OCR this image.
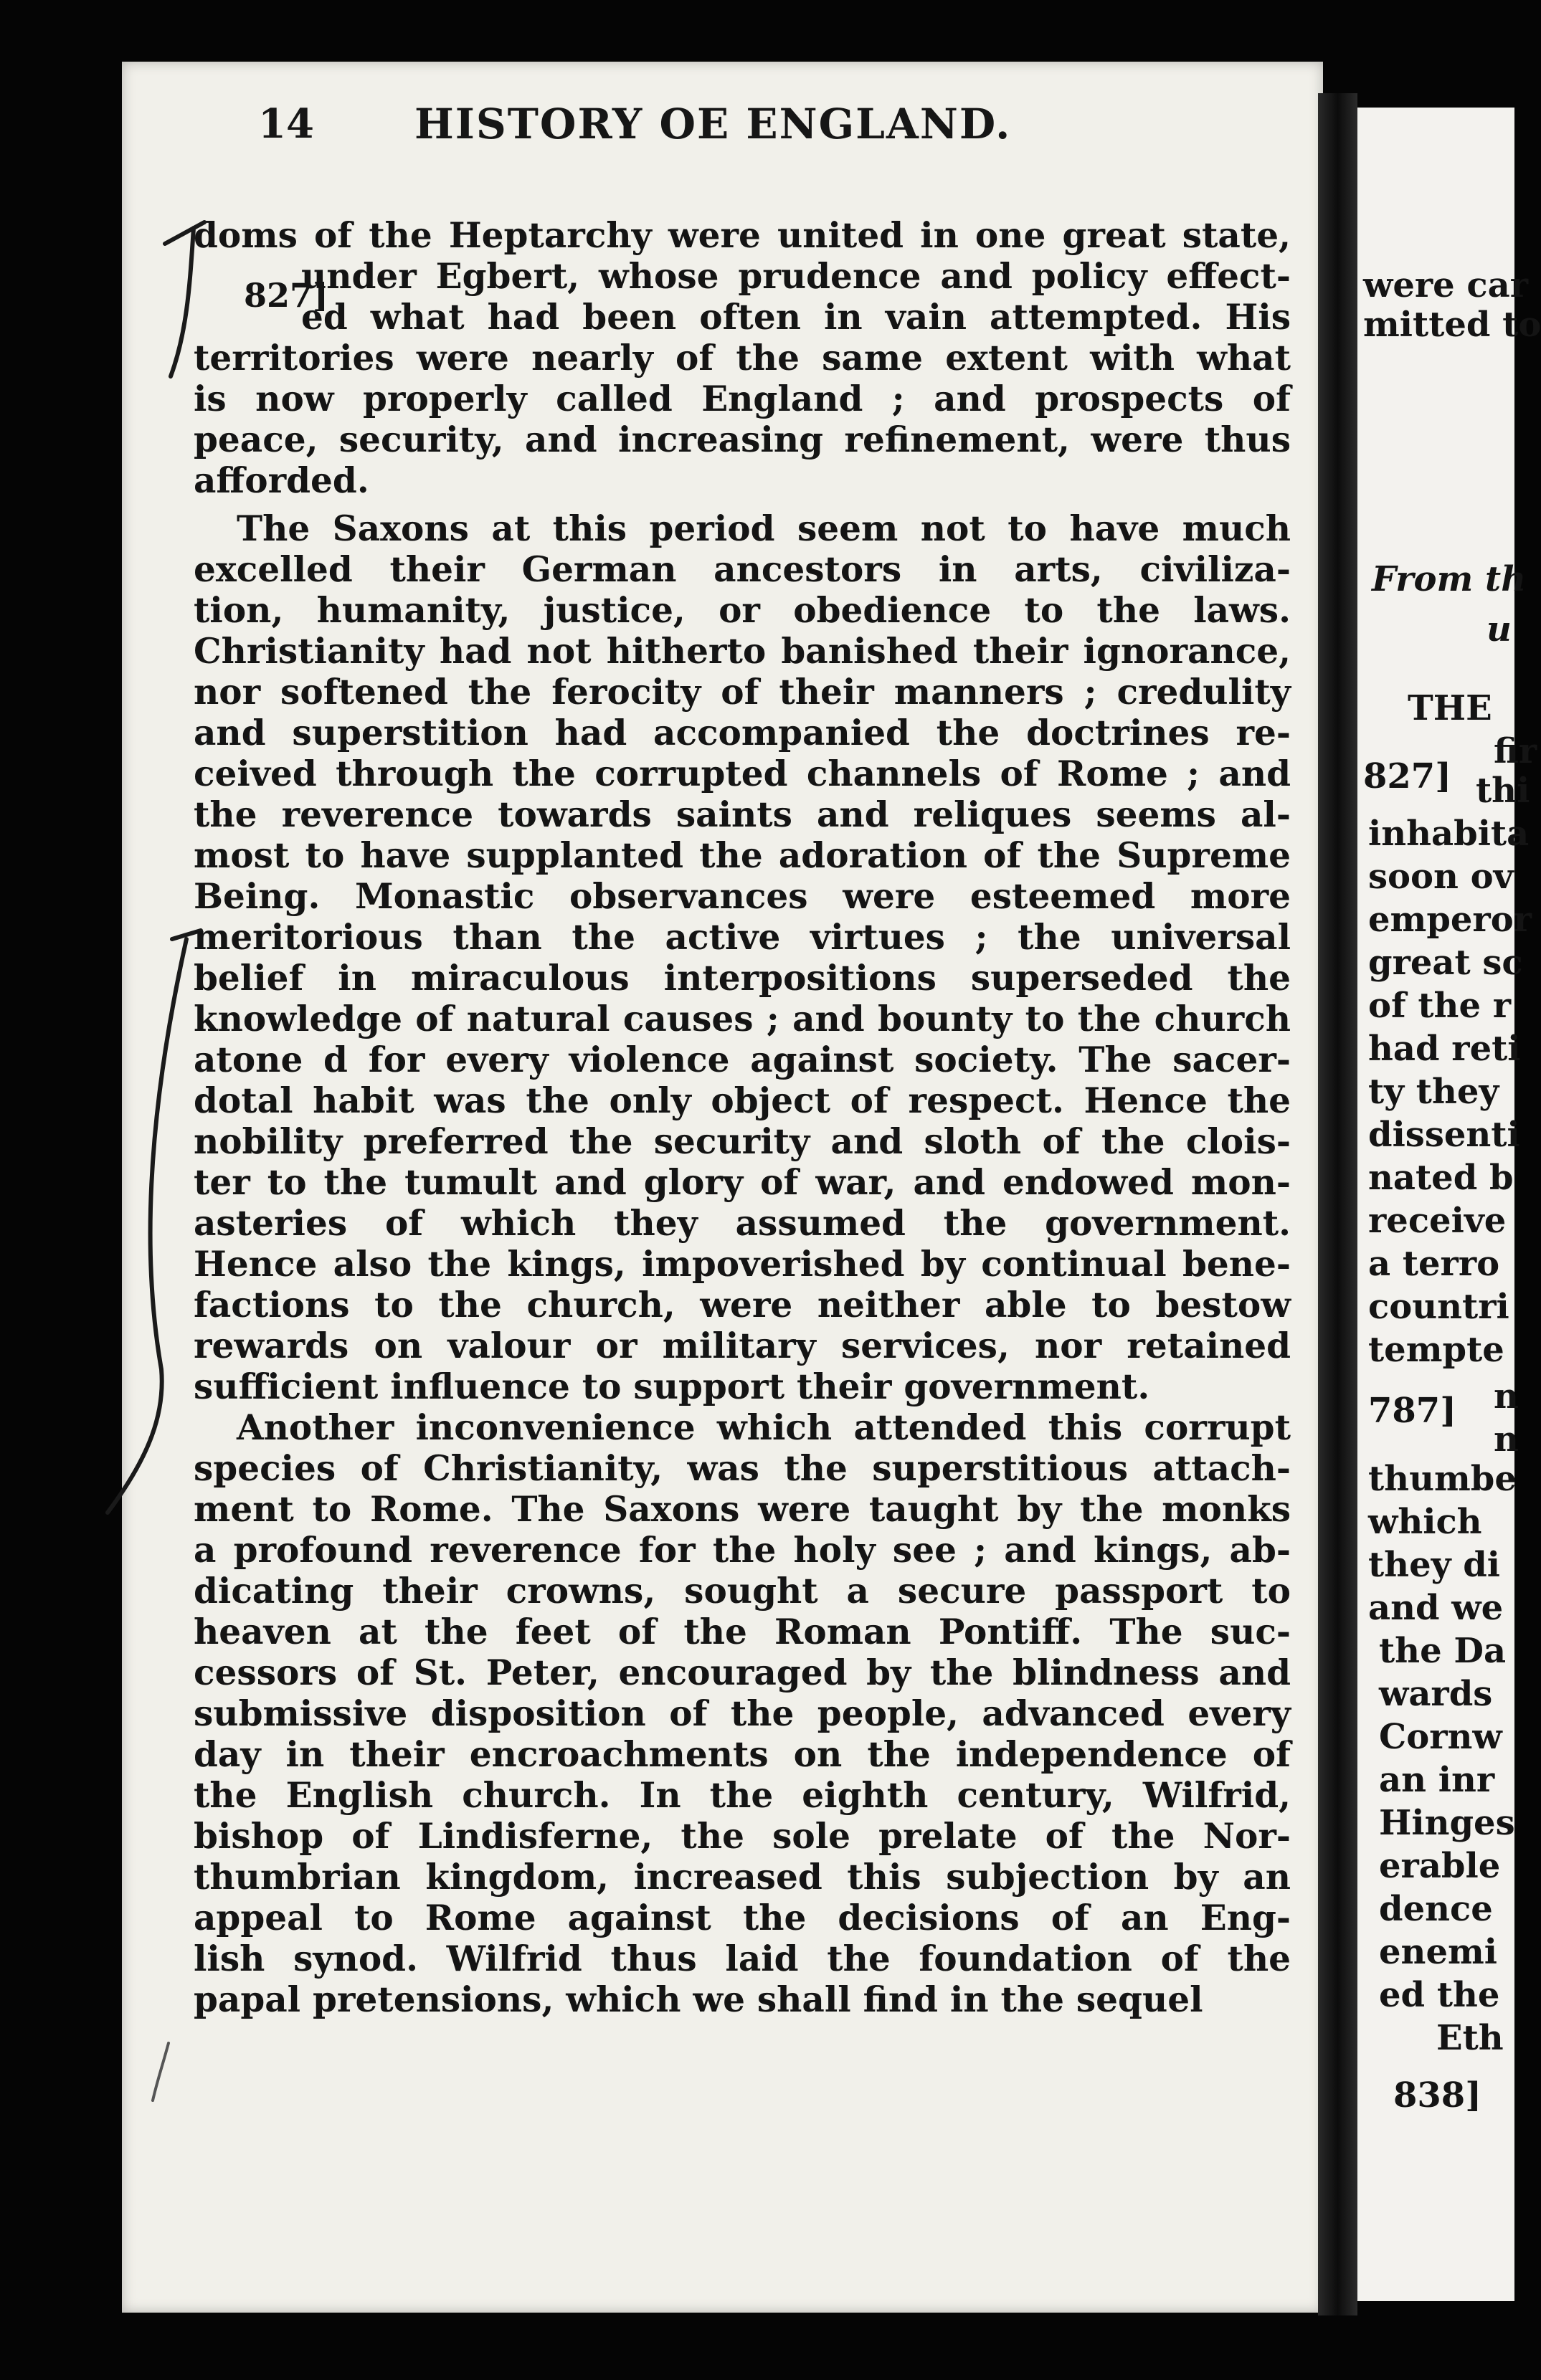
14 HISTORY OE ENGLAND.
827]
doms of the Heptarchy were united in one great state,
under Egbert, whose prudence and policy effect-
ed what had been often in vain attempted. His
territories were nearly of the same extent with what
is now properly called England ; and prospects of
peace, security, and increasing refinement, were thus
afforded.
The Saxons at this period seem not to have much
excelled their German ancestors in arts, civiliza-
tion, humanity, justice, or obedience to the laws.
Christianity had not hitherto banished their ignorance,
nor softened the ferocity of their manners ; credulity
and superstition had accompanied the doctrines re-
ceived through the corrupted channels of Rome ; and
the reverence towards saints and reliques seems al-
most to have supplanted the adoration of the Supreme
Being. Monastic observances were esteemed more
meritorious than the active virtues ; the universal
belief in miraculous interpositions superseded the
knowledge of natural causes ; and bounty to the church
atone d for every violence against society. The sacer-
dotal habit was the only object of respect. Hence the
nobility preferred the security and sloth of the clois-
ter to the tumult and glory of war, and endowed mon-
asteries of which they assumed the government.
Hence also the kings, impoverished by continual bene-
factions to the church, were neither able to bestow
rewards on valour or military services, nor retained
sufficient influence to support their government.
Another inconvenience which attended this corrupt
species of Christianity, was the superstitious attach-
ment to Rome. The Saxons were taught by the monks
a profound reverence for the holy see ; and kings, ab-
dicating their crowns, sought a secure passport to
heaven at the feet of the Roman Pontiff. The suc-
cessors of St. Peter, encouraged by the blindness and
submissive disposition of the people, advanced every
day in their encroachments on the independence of
the English church. In the eighth century, Wilfrid,
bishop of Lindisferne, the sole prelate of the Nor-
thumbrian kingdom, increased this subjection by an
appeal to Rome against the decisions of an Eng-
lish synod. Wilfrid thus laid the foundation of the
papal pretensions, which we shall find in the sequel
were car
mitted to
From th
u
THE
fir
827] thi
inhabita
soon ov
emperor
great sc
of the r
had reti
ty they
dissenti
nated b
receive
a terro
countri
tempte
787] n
n
thumbe
which
they di
and we
the Da
wards
Cornw
an inr
Hinges
erable
dence
enemi
ed the
Eth
838]
